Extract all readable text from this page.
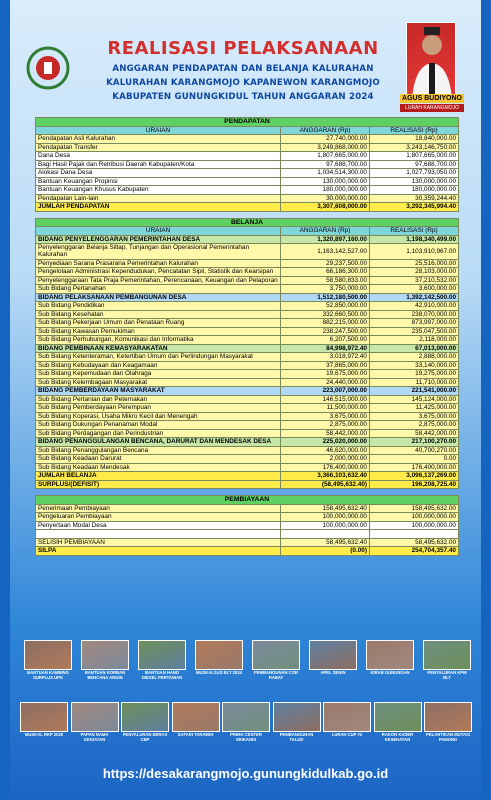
REALISASI PELAKSANAAN
ANGGARAN PENDAPATAN DAN BELANJA KALURAHAN
KALURAHAN KARANGMOJO KAPANEWON KARANGMOJO
KABUPATEN GUNUNGKIDUL TAHUN ANGGARAN 2024	AGUS BUDIYONO
LURAH KARANGMOJO
PENDAPATAN		
URAIAN	ANGGARAN (Rp)	REALISASI (Rp)
Pendapatan Asli Kalurahan	27,740,000.00	18,840,000.00
Pendapatan Transfer	3,249,868,000.00	3,243,146,750.00
Dana Desa	1,807,665,000.00	1,807,665,000.00
Bagi Hasil Pajak dan Retribusi Daerah Kabupaten/Kota	97,688,700.00	97,688,700.00
Alokasi Dana Desa	1,034,514,300.00	1,027,793,050.00
Bantuan Keuangan Propinsi	130,000,000.00	130,000,000.00
Bantuan Keuangan Khusus Kabupaten	180,000,000.00	180,000,000.00
Pendapatan Lain-lain	30,000,000.00	30,359,244.40
JUMLAH PENDAPATAN	3,307,608,000.00	3,292,345,994.40
BELANJA		
URAIAN	ANGGARAN (Rp)	REALISASI (Rp)
BIDANG PENYELENGGARAN PEMERINTAHAN DESA	1,320,897,160.00	1,198,340,499.00
Penyelenggaran Belanja Siltap, Tunjangan dan Operasional Pemerintahan Kalurahan	1,163,142,527.00	1,103,910,967.00
Penyediaan Sarana Prasarana Pemerintahan Kalurahan	29,237,500.00	25,516,000.00
Pengelolaan Administrasi Kependudukan, Pencatatan Sipil, Statistik dan Kearsipan	66,186,300.00	28,103,000.00
Penyelenggaraan Tata Praja Pemerintahan, Perencanaan, Keuangan dan Pelaporan	58,580,833.00	37,210,532.00
Sub Bidang Pertanahan	3,750,000.00	3,600,000.00
BIDANG PELAKSANAAN PEMBANGUNAN DESA	1,512,180,500.00	1,392,142,500.00
Sub Bidang Pendidikan	52,850,000.00	42,910,000.00
Sub Bidang Kesehatan	332,660,500.00	238,070,000.00
Sub Bidang Pekerjaan Umum dan Penataan Ruang	882,215,000.00	873,997,000.00
Sub Bidang Kawasan Pemukiman	238,247,500.00	235,047,500.00
Sub Bidang Perhubungan, Komunikasi dan Informatika	6,207,500.00	2,118,000.00
BIDANG PEMBINAAN KEMASYARAKATAN	84,998,972.40	67,013,000.00
Sub Bidang Ketenteraman, Ketertiban Umum dan Perlindungan Masyarakat	3,018,972.40	2,888,000.00
Sub Bidang Kebudayaan dan Keagamaan	37,865,000.00	33,140,000.00
Sub Bidang Kepemudaan dan Olahraga	19,675,000.00	19,275,000.00
Sub Bidang Kelembagaan Masyarakat	24,440,000.00	11,710,000.00
BIDANG PEMBERDAYAAN MASYARAKAT	223,007,000.00	221,541,000.00
Sub Bidang Pertanian dan Peternakan	146,515,000.00	145,124,000.00
Sub Bidang Pemberdayaan Perempuan	11,500,000.00	11,425,000.00
Sub Bidang Koperasi, Usaha Mikro Kecil dan Menengah	3,675,000.00	3,675,000.00
Sub Bidang Dukungan Penanaman Modal	2,875,000.00	2,875,000.00
Sub Bidang Perdagangan dan Perindustrian	58,442,000.00	58,442,000.00
BIDANG PENANGGULANGAN BENCANA, DARURAT DAN MENDESAK DESA	225,020,000.00	217,100,270.00
Sub Bidang Penanggulangan Bencana	46,620,000.00	40,700,270.00
Sub Bidang Keadaan Darurat	2,000,000.00	0.00
Sub Bidang Keadaan Mendesak	176,400,000.00	176,400,000.00
JUMLAH BELANJA	3,366,103,632.40	3,096,137,269.00
SURPLUS/(DEFISIT)	(58,495,632.40)	196,208,725.40
PEMBIAYAAN		
Penerimaan Pembiayaan	158,495,632.40	158,495,632.00
Pengeluaran Pembiayaan	100,000,000.00	100,000,000.00
Penyertaan Modal Desa	100,000,000.00	100,000,000.00

SELISIH PEMBIAYAAN	58,495,632.40	58,495,632.00
SILPA	(0.00)	254,704,357.40
BANTUAN KAMBING SURPLUS UPK
BANTUAN KORBAN BENCANA ANGIN
BANTUAN HAND DIESEL PERTANIAN
MUSKALSUS BLT 2024	PEMBANGUNAN COR RABAT
APEL SENIN	KIRAB GUNUNGAN	PENYALURAN KPM BLT
MUSKAL RKP 2025	PAPAN NAMA KEGIATAN
PENYALURAN BERAS CBP
SAFARI TARAWIH	PRIMA CENTER SRIKANDI
PEMBANGUNAN TALUD
LURAH CUP #2	RAKOR KADER KESEHATAN
PELANTIKAN MUTASI PAMONG
https://desakarangmojo.gunungkidulkab.go.id
